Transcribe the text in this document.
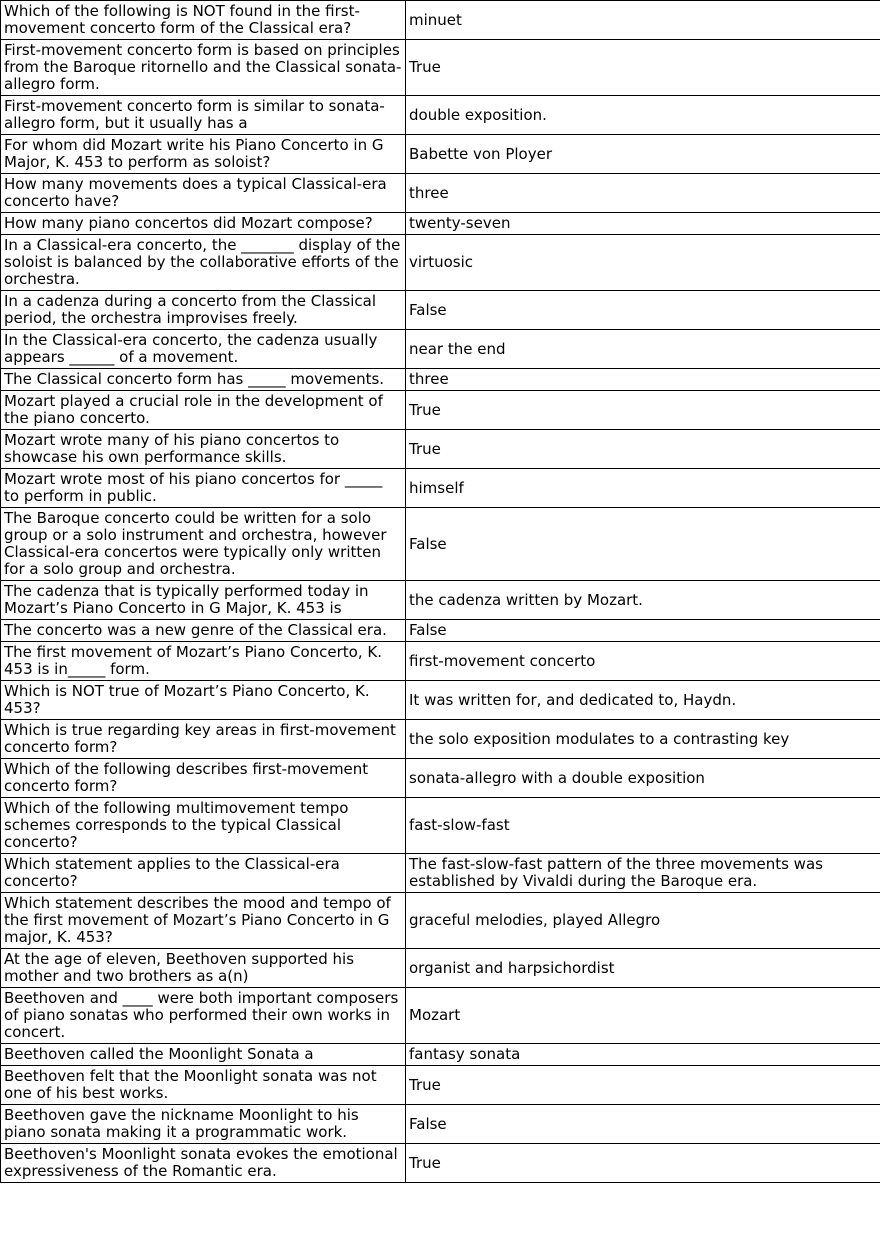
Which of the following is NOT found in the first-movement concerto form of the Classical era?	minuet
First-movement concerto form is based on principles from the Baroque ritornello and the Classical sonata-allegro form.	True
First-movement concerto form is similar to sonata-allegro form, but it usually has a	double exposition.
For whom did Mozart write his Piano Concerto in G Major, K. 453 to perform as soloist?	Babette von Ployer
How many movements does a typical Classical-era concerto have?	three
How many piano concertos did Mozart compose?	twenty-seven
In a Classical-era concerto, the _______ display of the soloist is balanced by the collaborative efforts of the orchestra.	virtuosic
In a cadenza during a concerto from the Classical period, the orchestra improvises freely.	False
In the Classical-era concerto, the cadenza usually appears ______ of a movement.	near the end
The Classical concerto form has _____ movements.	three
Mozart played a crucial role in the development of the piano concerto.	True
Mozart wrote many of his piano concertos to showcase his own performance skills.	True
Mozart wrote most of his piano concertos for _____ to perform in public.	himself
The Baroque concerto could be written for a solo group or a solo instrument and orchestra, however Classical-era concertos were typically only written for a solo group and orchestra.	False
The cadenza that is typically performed today in Mozart’s Piano Concerto in G Major, K. 453 is	the cadenza written by Mozart.
The concerto was a new genre of the Classical era.	False
The first movement of Mozart’s Piano Concerto, K. 453 is in_____ form.	first-movement concerto
Which is NOT true of Mozart’s Piano Concerto, K. 453?	It was written for, and dedicated to, Haydn.
Which is true regarding key areas in first-movement concerto form?	the solo exposition modulates to a contrasting key
Which of the following describes first-movement concerto form?	sonata-allegro with a double exposition
Which of the following multimovement tempo schemes corresponds to the typical Classical concerto?	fast-slow-fast
Which statement applies to the Classical-era concerto?	The fast-slow-fast pattern of the three movements was established by Vivaldi during the Baroque era.
Which statement describes the mood and tempo of the first movement of Mozart’s Piano Concerto in G major, K. 453?	graceful melodies, played Allegro
At the age of eleven, Beethoven supported his mother and two brothers as a(n)	organist and harpsichordist
Beethoven and ____ were both important composers of piano sonatas who performed their own works in concert.	Mozart
Beethoven called the Moonlight Sonata a	fantasy sonata
Beethoven felt that the Moonlight sonata was not one of his best works.	True
Beethoven gave the nickname Moonlight to his piano sonata making it a programmatic work.	False
Beethoven's Moonlight sonata evokes the emotional expressiveness of the Romantic era.	True
